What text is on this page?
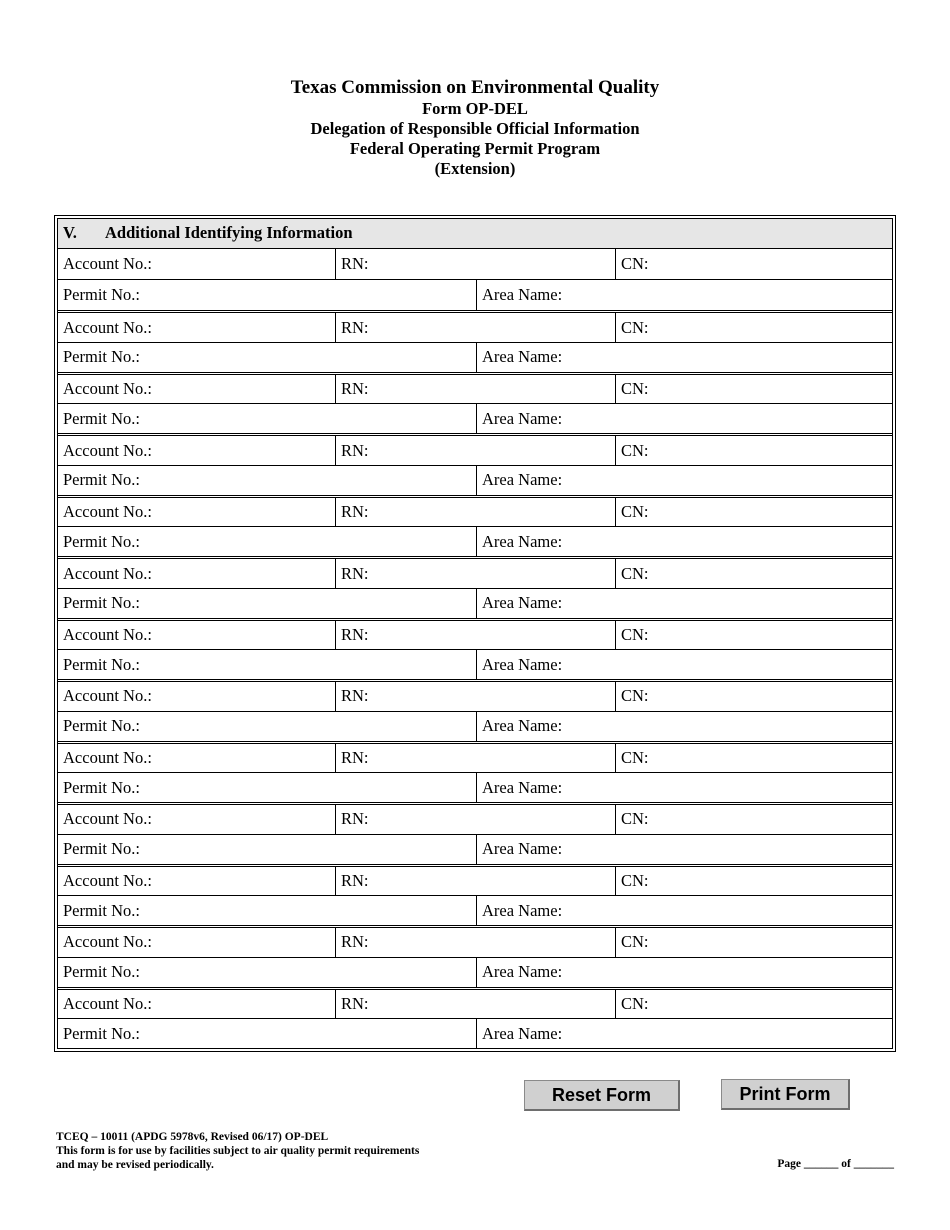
Texas Commission on Environmental Quality
Form OP-DEL
Delegation of Responsible Official Information
Federal Operating Permit Program
(Extension)
V.	Additional Identifying Information
Account No.:	RN:	CN:
Permit No.:	Area Name:
Account No.:	RN:	CN:
Permit No.:	Area Name:
Account No.:	RN:	CN:
Permit No.:	Area Name:
Account No.:	RN:	CN:
Permit No.:	Area Name:
Account No.:	RN:	CN:
Permit No.:	Area Name:
Account No.:	RN:	CN:
Permit No.:	Area Name:
Account No.:	RN:	CN:
Permit No.:	Area Name:
Account No.:	RN:	CN:
Permit No.:	Area Name:
Account No.:	RN:	CN:
Permit No.:	Area Name:
Account No.:	RN:	CN:
Permit No.:	Area Name:
Account No.:	RN:	CN:
Permit No.:	Area Name:
Account No.:	RN:	CN:
Permit No.:	Area Name:
Account No.:	RN:	CN:
Permit No.:	Area Name:
Reset Form	Print Form
TCEQ – 10011 (APDG 5978v6, Revised 06/17) OP-DEL
This form is for use by facilities subject to air quality permit requirements
and may be revised periodically.	Page ______ of _______
